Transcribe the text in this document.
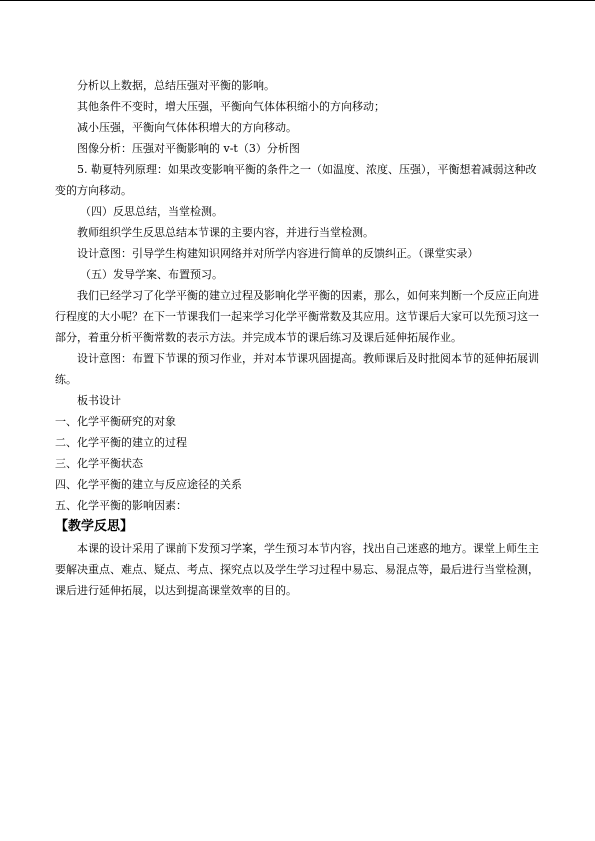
分析以上数据，总结压强对平衡的影响。
其他条件不变时，增大压强，平衡向气体体积缩小的方向移动；
减小压强，平衡向气体体积增大的方向移动。
图像分析：压强对平衡影响的 v-t（3）分析图
5. 勒夏特列原理：如果改变影响平衡的条件之一（如温度、浓度、压强），平衡想着减弱这种改变的方向移动。
（四）反思总结，当堂检测。
教师组织学生反思总结本节课的主要内容，并进行当堂检测。
设计意图：引导学生构建知识网络并对所学内容进行简单的反馈纠正。（课堂实录）
（五）发导学案、布置预习。
我们已经学习了化学平衡的建立过程及影响化学平衡的因素，那么，如何来判断一个反应正向进行程度的大小呢？在下一节课我们一起来学习化学平衡常数及其应用。这节课后大家可以先预习这一部分，着重分析平衡常数的表示方法。并完成本节的课后练习及课后延伸拓展作业。
设计意图：布置下节课的预习作业，并对本节课巩固提高。教师课后及时批阅本节的延伸拓展训练。
板书设计
一、化学平衡研究的对象
二、化学平衡的建立的过程
三、化学平衡状态
四、化学平衡的建立与反应途径的关系
五、化学平衡的影响因素：
【教学反思】
本课的设计采用了课前下发预习学案，学生预习本节内容，找出自己迷惑的地方。课堂上师生主要解决重点、难点、疑点、考点、探究点以及学生学习过程中易忘、易混点等，最后进行当堂检测，课后进行延伸拓展，以达到提高课堂效率的目的。
